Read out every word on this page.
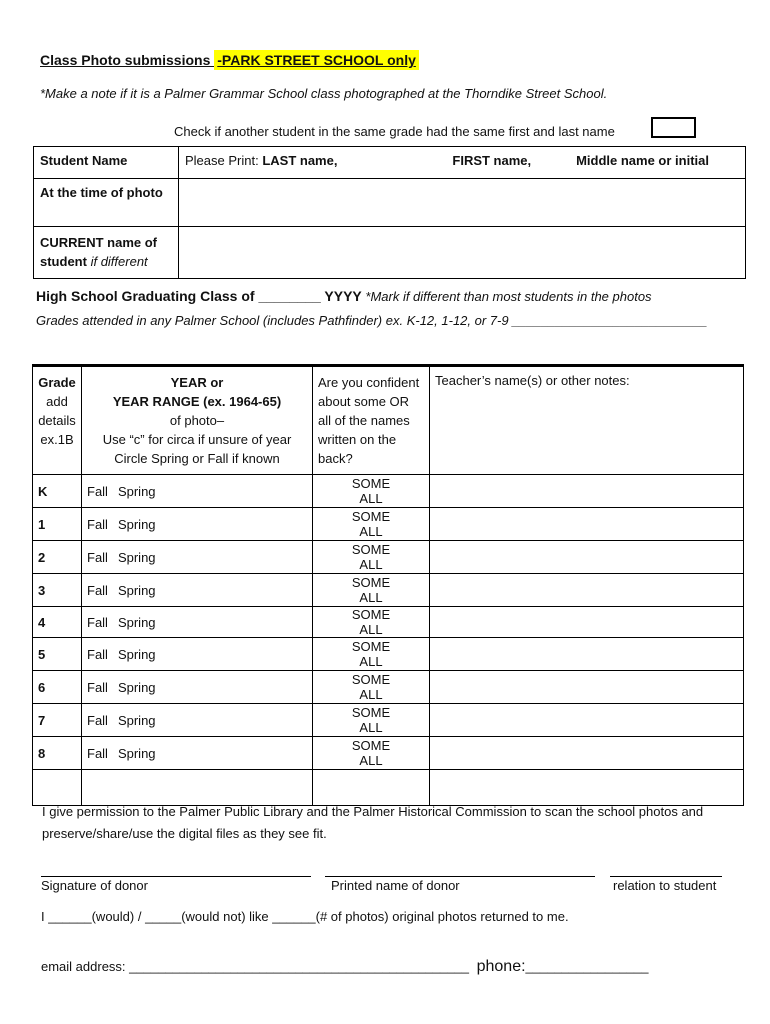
Class Photo submissions -PARK STREET SCHOOL only
*Make a note if it is a Palmer Grammar School class photographed at the Thorndike Street School.
Check if another student in the same grade had the same first and last name
Student Name	Please Print: LAST name, FIRST name, Middle name or initial

At the time of photo	
CURRENT name of student if different	
High School Graduating Class of ________ YYYY *Mark if different than most students in the photos
Grades attended in any Palmer School (includes Pathfinder) ex. K-12, 1-12, or 7-9 ___________________________
Grade
add
details
ex.1B	YEAR or
YEAR RANGE (ex. 1964-65)
of photo–
Use “c” for circa if unsure of year
Circle Spring or Fall if known	Are you confident
about some OR
all of the names
written on the
back?	Teacher’s name(s) or other notes:
K	Fall Spring	SOMEALL	
1	Fall Spring	SOMEALL	
2	Fall Spring	SOMEALL	
3	Fall Spring	SOMEALL	
4	Fall Spring	SOMEALL	
5	Fall Spring	SOMEALL	
6	Fall Spring	SOMEALL	
7	Fall Spring	SOMEALL	
8	Fall Spring	SOMEALL	

I give permission to the Palmer Public Library and the Palmer Historical Commission to scan the school photos and preserve/share/use the digital files as they see fit.
Signature of donor	Printed name of donor	relation to student
I ______(would) / _____(would not) like ______(# of photos) original photos returned to me.
email address: _______________________________________________ phone:_________________
